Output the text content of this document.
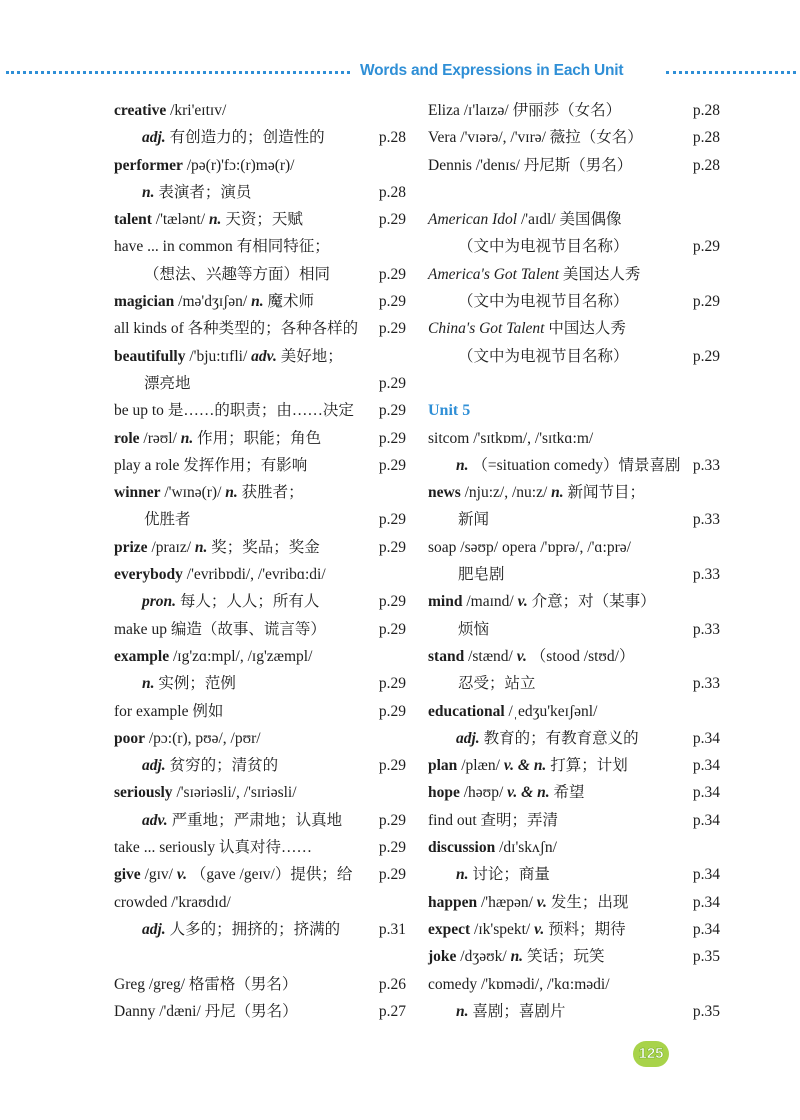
Words and Expressions in Each Unit
creative /kri'eɪtɪv/
adj. 有创造力的；创造性的	p.28
performer /pə(r)'fɔ:(r)mə(r)/
n. 表演者；演员	p.28
talent /'tælənt/ n. 天资；天赋	p.29
have ... in common 有相同特征；
（想法、兴趣等方面）相同	p.29
magician /mə'dʒɪʃən/ n. 魔术师	p.29
all kinds of 各种类型的；各种各样的 p.29
beautifully /'bju:tɪfli/ adv. 美好地；
漂亮地	p.29
be up to 是……的职责；由……决定 p.29
role /rəʊl/ n. 作用；职能；角色	p.29
play a role 发挥作用；有影响	p.29
winner /'wɪnə(r)/ n. 获胜者；
优胜者	p.29
prize /praɪz/ n. 奖；奖品；奖金	p.29
everybody /'evribɒdi/, /'evribɑ:di/
pron. 每人；人人；所有人	p.29
make up 编造（故事、谎言等）	p.29
example /ɪg'zɑ:mpl/, /ɪg'zæmpl/
n. 实例；范例	p.29
for example 例如	p.29
poor /pɔ:(r), pʊə/, /pʊr/
adj. 贫穷的；清贫的	p.29
seriously /'sɪəriəsli/, /'sɪriəsli/
adv. 严重地；严肃地；认真地 p.29
take ... seriously 认真对待……	p.29
give /gɪv/ v. （gave /geɪv/）提供；给 p.29
crowded /'kraʊdɪd/
adj. 人多的；拥挤的；挤满的	p.31
Greg /greg/ 格雷格（男名）	p.26
Danny /'dæni/ 丹尼（男名）	p.27
Eliza /ɪ'laɪzə/ 伊丽莎（女名）	p.28
Vera /'vɪərə/, /'vɪrə/ 薇拉（女名）	p.28
Dennis /'denɪs/ 丹尼斯（男名）	p.28
American Idol /'aɪdl/ 美国偶像
（文中为电视节目名称）	p.29
America's Got Talent 美国达人秀
（文中为电视节目名称）	p.29
China's Got Talent 中国达人秀
（文中为电视节目名称）	p.29
Unit 5
sitcom /'sɪtkɒm/, /'sɪtkɑ:m/
n. （=situation comedy）情景喜剧 p.33
news /nju:z/, /nu:z/ n. 新闻节目；
新闻	p.33
soap /səʊp/ opera /'ɒprə/, /'ɑ:prə/
肥皂剧	p.33
mind /maɪnd/ v. 介意；对（某事）
烦恼	p.33
stand /stænd/ v. （stood /stʊd/）
忍受；站立	p.33
educational /ˌedʒu'keɪʃənl/
adj. 教育的；有教育意义的	p.34
plan /plæn/ v. & n. 打算；计划	p.34
hope /həʊp/ v. & n. 希望	p.34
find out 查明；弄清	p.34
discussion /dɪ'skʌʃn/
n. 讨论；商量	p.34
happen /'hæpən/ v. 发生；出现	p.34
expect /ɪk'spekt/ v. 预料；期待	p.34
joke /dʒəʊk/ n. 笑话；玩笑	p.35
comedy /'kɒmədi/, /'kɑ:mədi/
n. 喜剧；喜剧片	p.35
125
